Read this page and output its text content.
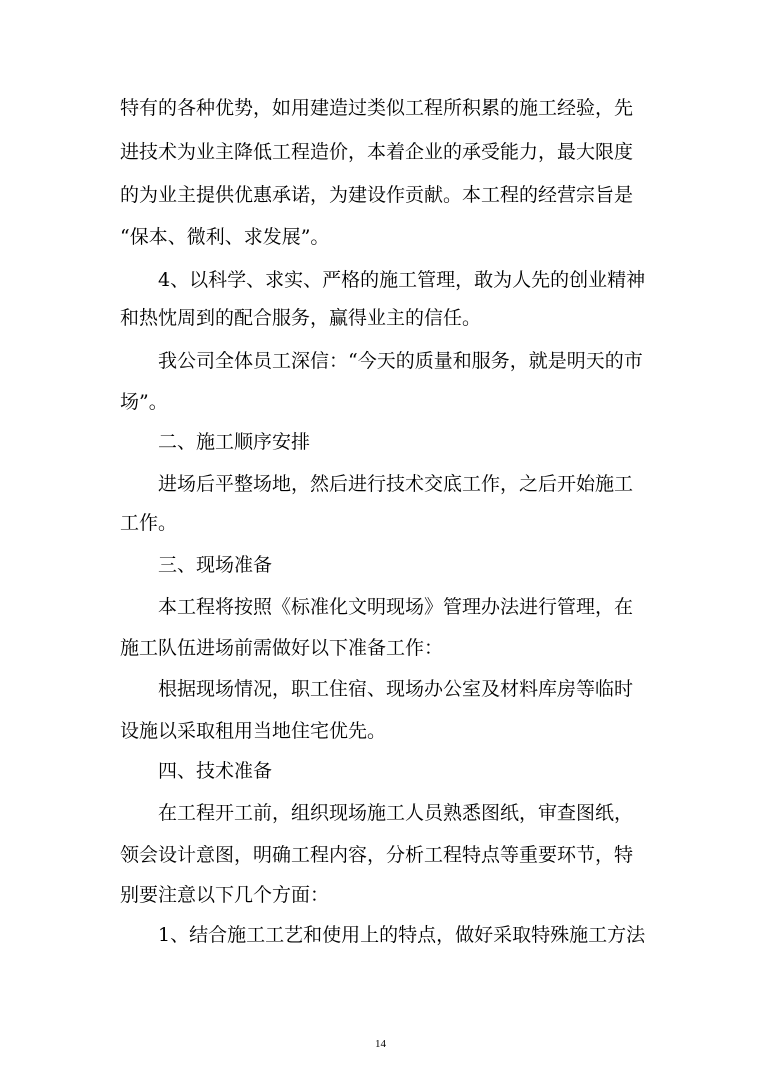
特有的各种优势，如用建造过类似工程所积累的施工经验，先
进技术为业主降低工程造价，本着企业的承受能力，最大限度
的为业主提供优惠承诺，为建设作贡献。本工程的经营宗旨是
“保本、微利、求发展”。
4、以科学、求实、严格的施工管理，敢为人先的创业精神
和热忱周到的配合服务，赢得业主的信任。
我公司全体员工深信：“今天的质量和服务，就是明天的市
场”。
二、施工顺序安排
进场后平整场地，然后进行技术交底工作，之后开始施工
工作。
三、现场准备
本工程将按照《标准化文明现场》管理办法进行管理，在
施工队伍进场前需做好以下准备工作：
根据现场情况，职工住宿、现场办公室及材料库房等临时
设施以采取租用当地住宅优先。
四、技术准备
在工程开工前，组织现场施工人员熟悉图纸，审查图纸，
领会设计意图，明确工程内容，分析工程特点等重要环节，特
别要注意以下几个方面：
1、结合施工工艺和使用上的特点，做好采取特殊施工方法
14
